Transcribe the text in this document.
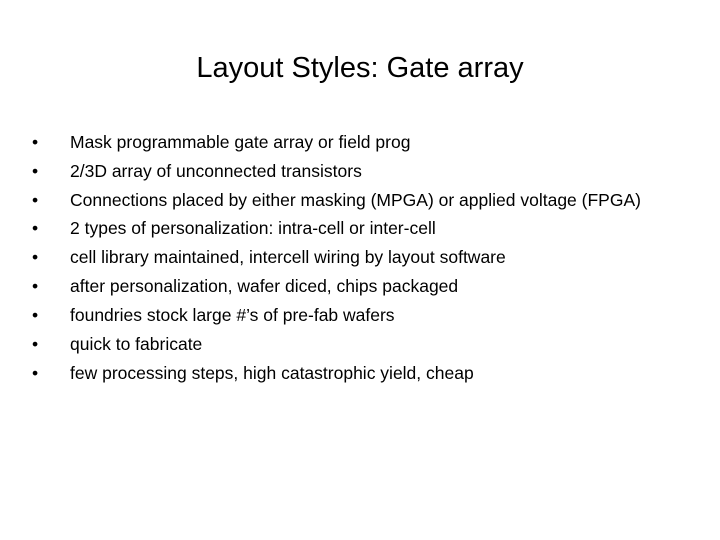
Layout Styles: Gate array
• Mask programmable gate array or field prog
• 2/3D array of unconnected transistors
• Connections placed by either masking (MPGA) or applied voltage (FPGA)
• 2 types of personalization: intra-cell or inter-cell
• cell library maintained, intercell wiring by layout software
• after personalization, wafer diced, chips packaged
• foundries stock large #’s of pre-fab wafers
• quick to fabricate
• few processing steps, high catastrophic yield, cheap
